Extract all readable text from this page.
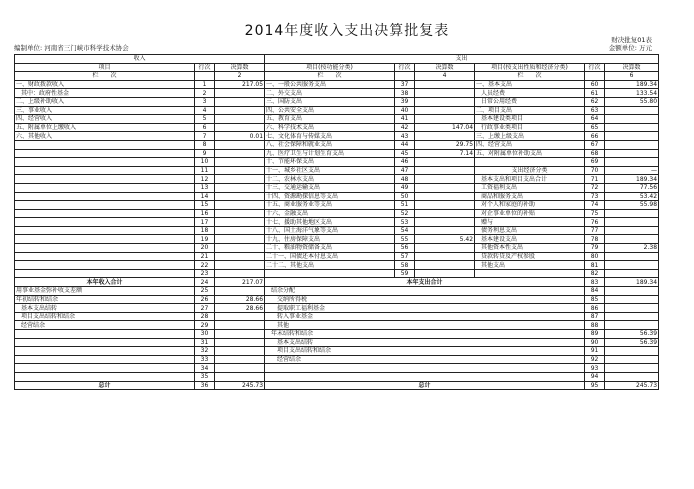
2014年度收入支出决算批复表
编制单位: 河南省三门峡市科学技术协会
财决批复01表
金额单位: 万元
收入			支出					
项目	行次	决算数	项目(按功能分类)	行次	决算数	项目(按支出性质和经济分类)	行次	决算数
栏   次		2	栏   次		4	栏   次		6
一、财政拨款收入	1	217.05	一、一般公共服务支出	37		一、基本支出	60	189.34
其中：政府性基金	2		二、外交支出	38		人员经费	61	133.54
二、上级补助收入	3		三、国防支出	39		日常公用经费	62	55.80
三、事业收入	4		四、公共安全支出	40		二、项目支出	63	
四、经营收入	5		五、教育支出	41		基本建设类项目	64	
五、附属单位上缴收入	6		六、科学技术支出	42	147.04	行政事业类项目	65	
六、其他收入	7	0.01	七、文化体育与传媒支出	43		三、上缴上级支出	66	
	8		八、社会保障和就业支出	44	29.75	四、经营支出	67	
	9		九、医疗卫生与计划生育支出	45	7.14	五、对附属单位补助支出	68	
	10		十、节能环保支出	46			69	
	11		十一、城乡社区支出	47		支出经济分类	70	—
	12		十二、农林水支出	48		基本支出和项目支出合计	71	189.34
	13		十三、交通运输支出	49		工资福利支出	72	77.56
	14		十四、资源勘探信息等支出	50		商品和服务支出	73	53.42
	15		十五、商业服务业等支出	51		对个人和家庭的补助	74	55.98
	16		十六、金融支出	52		对企事业单位的补贴	75	
	17		十七、援助其他地区支出	53		赠与	76	
	18		十八、国土海洋气象等支出	54		债务利息支出	77	
	19		十九、住房保障支出	55	5.42	基本建设支出	78	
	20		二十、粮油物资储备支出	56		其他资本性支出	79	2.38
	21		二十一、国债还本付息支出	57		贷款转贷及产权参股	80	
	22		二十二、其他支出	58		其他支出	81	
	23			59			82	
本年收入合计	24	217.07	本年支出合计				83	189.34
用事业基金弥补收支差额	25		结余分配				84	
年初结转和结余	26	28.66	交纳所得税				85	
基本支出结转	27	28.66	提取职工福利基金				86	
项目支出结转和结余	28		转入事业基金				87	
经营结余	29		其他				88	
	30		年末结转和结余				89	56.39
	31		基本支出结转				90	56.39
	32		项目支出结转和结余				91	
	33		经营结余				92	
	34						93	
	35						94	
总计	36	245.73	总计				95	245.73
